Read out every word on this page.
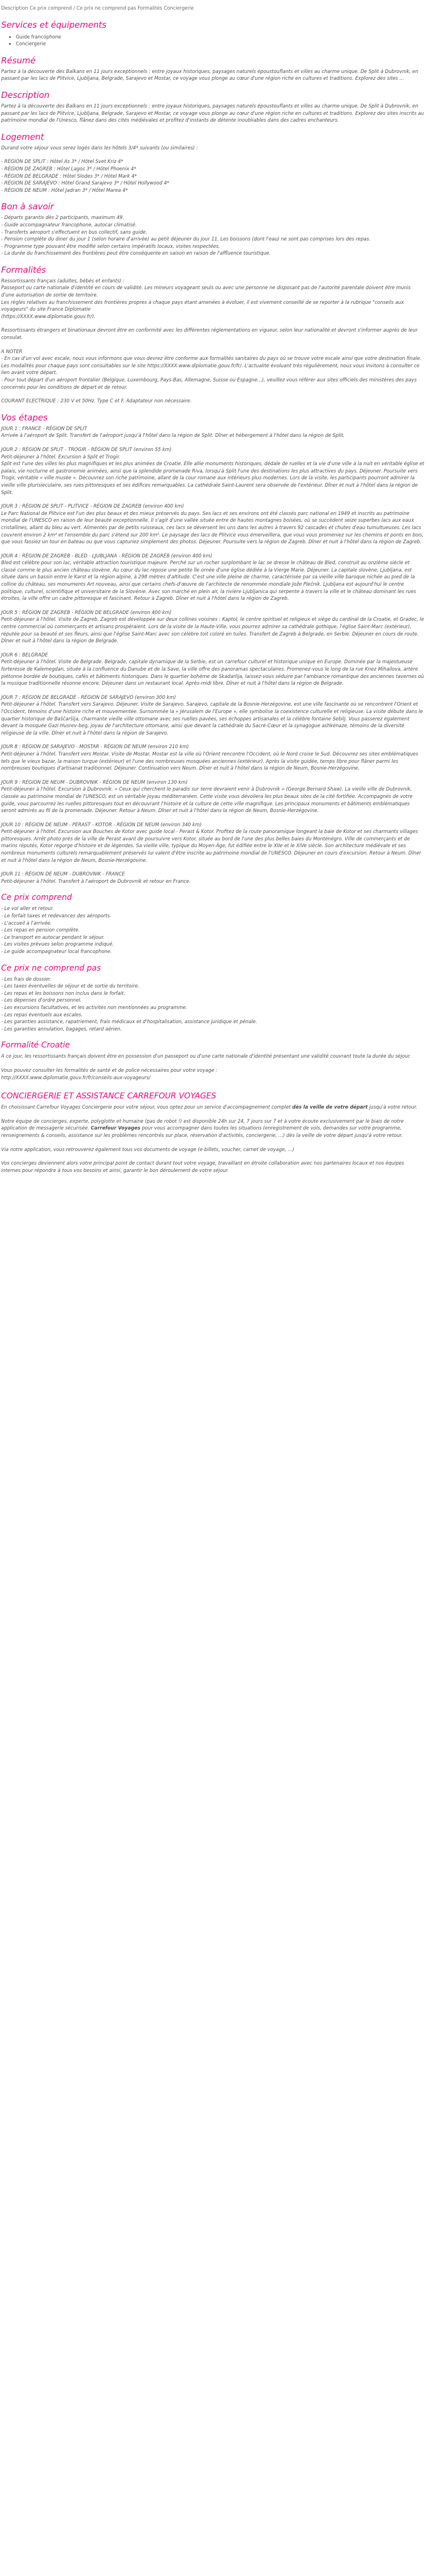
Description Ce prix comprend / Ce prix ne comprend pas Formalités Conciergerie
Services et équipements
• Guide francophone
• Conciergerie
Résumé

Partez à la découverte des Balkans en 11 jours exceptionnels : entre joyaux historiques, paysages naturels époustouflants et villes au charme unique. De Split à Dubrovnik, en passant par les lacs de Plitvice, Ljubljana, Belgrade, Sarajevo et Mostar, ce voyage vous plonge au cœur d'une région riche en cultures et traditions. Explorez des sites ...

Description

Partez à la découverte des Balkans en 11 jours exceptionnels : entre joyaux historiques, paysages naturels époustouflants et villes au charme unique. De Split à Dubrovnik, en passant par les lacs de Plitvice, Ljubljana, Belgrade, Sarajevo et Mostar, ce voyage vous plonge au cœur d'une région riche en cultures et traditions. Explorez des sites inscrits au patrimoine mondial de l'Unesco, flânez dans des cités médiévales et profitez d'instants de détente inoubliables dans des cadres enchanteurs.

Logement

Durand votre séjour vous serez logés dans les hôtels 3/4* suivants (ou similaires) :

- RÉGION DE SPLIT : Hôtel As 3* / Hôtel Svet Kriz 4*
- RÉGION DE ZAGREB : Hôtel Lagos 3* / Hôtel Phoenix 4*
- RÉGION DE BELGRADE : Hôtel Slodes 3* / Hôtel Mark 4*
- RÉGION DE SARAJEVO : Hôtel Grand Sarajevo 3* / Hôtel Hollywood 4*
- RÉGION DE NEUM : Hôtel Jadran 3* / Hôtel Marea 4*

Bon à savoir

- Départs garantis dès 2 participants, maximum 49.
- Guide accompagnateur francophone, autocar climatisé.
- Transferts aéroport s'effectuent en bus collectif, sans guide.
- Pension complète du diner du jour 1 (selon horaire d'arrivée) au petit déjeuner du jour 11. Les boissons (dont l'eau) ne sont pas comprises lors des repas.
- Programme type pouvant être modifié selon certains impératifs locaux, visites respectées.
- La durée du franchissement des frontières peut être conséquente en saison en raison de l'affluence touristique.

Formalités

Ressortissants français (adultes, bébés et enfants) :
Passeport ou carte nationale d'identité en cours de validité. Les mineurs voyageant seuls ou avec une personne ne disposant pas de l'autorité parentale doivent être munis d'une autorisation de sortie de territoire.
Les règles relatives au franchissement des frontières propres à chaque pays étant amenées à évoluer, il est vivement conseillé de se reporter à la rubrique "conseils aux voyageurs" du site France Diplomatie
(https://XXXX.www.diplomatie.gouv.fr/).

Ressortissants étrangers et binationaux devront être en conformité avec les différentes réglementations en vigueur, selon leur nationalité et devront s'informer auprès de leur consulat.

A NOTER
- En cas d'un vol avec escale, nous vous informons que vous devrez être conforme aux formalités sanitaires du pays où se trouve votre escale ainsi que votre destination finale.
Les modalités pour chaque pays sont consultables sur le site https://XXXX.www.diplomatie.gouv.fr/fr/. L'actualité évoluant très régulièrement, nous vous invitons à consulter ce lien avant votre départ.
- Pour tout départ d'un aéroport frontalier (Belgique, Luxembourg, Pays-Bas, Allemagne, Suisse ou Espagne...), veuillez vous référer aux sites officiels des ministères des pays concernés pour les conditions de départ et de retour.

COURANT ELECTRIQUE : 230 V et 50Hz. Type C et F. Adaptateur non nécessaire.

Vos étapes
JOUR 1 : FRANCE - RÉGION DE SPLIT
Arrivée à l'aéroport de Split. Transfert de l'aéroport jusqu'à l'hôtel dans la région de Split. Dîner et hébergement à l'hôtel dans la région de Split.
JOUR 2 : RÉGION DE SPLIT - TROGIR - RÉGION DE SPLIT (environ 55 km)
Petit-déjeuner à l'hôtel. Excursion à Split et Trogir.
Split est l'une des villes les plus magnifiques et les plus animées de Croatie. Elle allie monuments historiques, dédale de ruelles et la vie d'une ville à la nuit en véritable église et palais, vie nocturne et gastronomie animées, ainsi que la splendide promenade Riva, lorsqu'à Split l'une des destinations les plus attractives du pays. Déjeuner. Poursuite vers Trogir, véritable « ville musée ». Découvrez son riche patrimoine, allant de la cour romane aux intérieurs plus modernes. Lors de la visite, les participants pourront admirer la vieille ville plurisieculaire, ses rues pittoresques et ses édifices remarquables. La cathédrale Saint-Laurent sera observée de l'extérieur. Dîner et nuit à l'hôtel dans la région de Split.
JOUR 3 : RÉGION DE SPLIT - PLITVICE - RÉGION DE ZAGREB (environ 400 km)
Le Parc National de Plitvice est l'un des plus beaux et des mieux préservés du pays. Ses lacs et ses environs ont été classés parc national en 1949 et inscrits au patrimoine mondial de l'UNESCO en raison de leur beauté exceptionnelle. Il s'agit d'une vallée située entre de hautes montagnes boisées, où se succèdent seize superbes lacs aux eaux cristallines, allant du bleu au vert. Alimentés par de petits ruisseaux, ces lacs se déversent les uns dans les autres à travers 92 cascades et chutes d'eau tumultueuses. Les lacs couvrent environ 2 km² et l'ensemble du parc s'étend sur 200 km². Le paysage des lacs de Plitvice vous émerveillera, que vous vous promeniez sur les chemins et ponts en bois, que vous fassiez un tour en bateau ou que vous capturiez simplement des photos. Déjeuner. Poursuite vers la région de Zagreb. Dîner et nuit à l'hôtel dans la région de Zagreb.
JOUR 4 : RÉGION DE ZAGREB - BLED - LJUBLJANA - RÉGION DE ZAGREB (environ 400 km)
Bled est célèbre pour son lac, véritable attraction touristique majeure. Perché sur un rocher surplombant le lac se dresse le château de Bled, construit au onzième siècle et classé comme le plus ancien château slovène. Au cœur du lac repose une petite île ornée d'une église dédiée à la Vierge Marie. Déjeuner. La capitale slovène, Ljubljana, est située dans un bassin entre le Karst et la région alpine, à 298 mètres d'altitude. C'est une ville pleine de charme, caractérisée par sa vieille ville baroque nichée au pied de la colline du château, ses monuments Art nouveau, ainsi que certains chefs-d'œuvre de l'architecte de renommée mondiale Jože Plečnik. Ljubljana est aujourd'hui le centre politique, culturel, scientifique et universitaire de la Slovénie. Avec son marché en plein air, la rivière Ljubljanica qui serpente à travers la ville et le château dominant les rues étroites, la ville offre un cadre pittoresque et fascinant. Retour à Zagreb. Dîner et nuit à l'hôtel dans la région de Zagreb.
JOUR 5 : RÉGION DE ZAGREB - RÉGION DE BELGRADE (environ 400 km)
Petit-déjeuner à l'hôtel. Visite de Zagreb. Zagreb est développée sur deux collines voisines : Kaptol, le centre spirituel et religieux et siège du cardinal de la Croatie, et Gradec, le centre commercial où commerçants et artisans prospéraient. Lors de la visite de la Haute-Ville, vous pourrez admirer sa cathédrale gothique, l'église Saint-Marc (extérieur), réputée pour sa beauté et ses fleurs, ainsi que l'église Saint-Marc avec son célèbre toit coloré en tuiles. Transfert de Zagreb à Belgrade, en Serbie. Déjeuner en cours de route. Dîner et nuit à l'hôtel dans la région de Belgrade.
JOUR 6 : BELGRADE
Petit-déjeuner à l'hôtel. Visite de Belgrade. Belgrade, capitale dynamique de la Serbie, est un carrefour culturel et historique unique en Europe. Dominée par la majestueuse forteresse de Kalemegdan, située à la confluence du Danube et de la Save, la ville offre des panoramas spectaculaires. Promenez-vous le long de la rue Knez Mihailova, artère piétonne bordée de boutiques, cafés et bâtiments historiques. Dans le quartier bohème de Skadarlija, laissez-vous séduire par l'ambiance romantique des anciennes tavernes où la musique traditionnelle résonne encore. Déjeuner dans un restaurant local. Après-midi libre. Dîner et nuit à l'hôtel dans la région de Belgrade.
JOUR 7 : RÉGION DE BELGRADE - RÉGION DE SARAJEVO (environ 300 km)
Petit-déjeuner à l'hôtel. Transfert vers Sarajevo. Déjeuner. Visite de Sarajevo. Sarajevo, capitale de la Bosnie-Herzégovine, est une ville fascinante où se rencontrent l'Orient et l'Occident, témoins d'une histoire riche et mouvementée. Surnommée la « Jérusalem de l'Europe », elle symbolise la coexistence culturelle et religieuse. La visite débute dans le quartier historique de Baščaršija, charmante vieille ville ottomane avec ses ruelles pavées, ses échoppes artisanales et la célèbre fontaine Sebilj. Vous passerez également devant la mosquée Gazi Husrev-beg, joyau de l'architecture ottomane, ainsi que devant la cathédrale du Sacré-Cœur et la synagogue ashkénaze, témoins de la diversité religieuse de la ville. Dîner et nuit à l'hôtel dans la région de Sarajevo.
JOUR 8 : RÉGION DE SARAJEVO - MOSTAR - RÉGION DE NEUM (environ 210 km)
Petit-déjeuner à l'hôtel. Transfert vers Mostar. Visite de Mostar. Mostar est la ville où l'Orient rencontre l'Occident, où le Nord croise le Sud. Découvrez ses sites emblématiques tels que le vieux bazar, la maison turque (extérieur) et l'une des nombreuses mosquées anciennes (extérieur). Après la visite guidée, temps libre pour flâner parmi les nombreuses boutiques d'artisanat traditionnel. Déjeuner. Continuation vers Neum. Dîner et nuit à l'hôtel dans la région de Neum, Bosnie-Herzégovine.
JOUR 9 : RÉGION DE NEUM - DUBROVNIK - RÉGION DE NEUM (environ 130 km)
Petit-déjeuner à l'hôtel. Excursion à Dubrovnik. « Ceux qui cherchent le paradis sur terre devraient venir à Dubrovnik » (George Bernard Shaw). La vieille ville de Dubrovnik, classée au patrimoine mondial de l'UNESCO, est un véritable joyau méditerranéen. Cette visite vous dévoilera les plus beaux sites de la cité fortifiée. Accompagnés de votre guide, vous parcourrez les ruelles pittoresques tout en découvrant l'histoire et la culture de cette ville magnifique. Les principaux monuments et bâtiments emblématiques seront admirés au fil de la promenade. Déjeuner. Retour à Neum. Dîner et nuit à l'hôtel dans la région de Neum, Bosnie-Herzégovine.
JOUR 10 : RÉGION DE NEUM - PERAST - KOTOR - RÉGION DE NEUM (environ 340 km)
Petit-déjeuner à l'hôtel. Excursion aux Bouches de Kotor avec guide local - Perast & Kotor. Profitez de la route panoramique longeant la baie de Kotor et ses charmants villages pittoresques. Arrêt photo près de la ville de Perast avant de poursuivre vers Kotor, située au bord de l'une des plus belles baies du Monténégro. Ville de commerçants et de marins réputés, Kotor regorge d'histoire et de légendes. Sa vieille ville, typique du Moyen-Âge, fut édifiée entre le XIIe et le XIVe siècle. Son architecture médiévale et ses nombreux monuments culturels remarquablement préservés lui valent d'être inscrite au patrimoine mondial de l'UNESCO. Déjeuner en cours d'excursion. Retour à Neum. Dîner et nuit à l'hôtel dans la région de Neum, Bosnie-Herzégovine.
JOUR 11 : RÉGION DE NEUM - DUBROVNIK - FRANCE
Petit-déjeuner à l'hôtel. Transfert à l'aéroport de Dubrovnik et retour en France.
Ce prix comprend
- Le vol aller et retour.
- Le forfait taxes et redevances des aéroports.
- L'accueil à l'arrivée.
- Les repas en pension complète.
- Le transport en autocar pendant le séjour.
- Les visites prévues selon programme indiqué.
- Le guide accompagnateur local francophone.
Ce prix ne comprend pas
- Les frais de dossier.
- Les taxes éventuelles de séjour et de sortie du territoire.
- Les repas et les boissons non inclus dans le forfait.
- Les dépenses d'ordre personnel.
- Les excursions facultatives, et les activités non mentionnées au programme.
- Les repas éventuels aux escales.
- Les garanties assistance, rapatriement, frais médicaux et d'hospitalisation, assistance juridique et pénale.
- Les garanties annulation, bagages, retard aérien.
Formalité Croatie

A ce jour, les ressortissants français doivent être en possession d'un passeport ou d'une carte nationale d'identité présentant une validité couvrant toute la durée du séjour.

Vous pouvez consulter les formalités de santé et de police nécessaires pour votre voyage :
http://XXXX.www.diplomatie.gouv.fr/fr/conseils-aux-voyageurs/

CONCIERGERIE ET ASSISTANCE CARREFOUR VOYAGES

En choisissant Carrefour Voyages Conciergerie pour votre séjour, vous optez pour un service d'accompagnement complet dès la veille de votre départ jusqu'à votre retour.

Notre équipe de concierges, experte, polyglotte et humaine (pas de robot !) est disponible 24h sur 24, 7 jours sur 7 et à votre écoute exclusivement par le biais de notre application de messagerie sécurisée. Carrefour Voyages pour vous accompagner dans toutes les situations (enregistrement de vols, demandes sur votre programme, renseignements & conseils, assistance sur les problèmes rencontrés sur place, réservation d'activités, conciergerie, ...) dès la veille de votre départ jusqu'à votre retour.

Via notre application, vous retrouverez également tous vos documents de voyage (e-billets, voucher, carnet de voyage, ...)

Vos concierges deviennent alors votre principal point de contact durant tout votre voyage, travaillant en étroite collaboration avec nos partenaires locaux et nos équipes internes pour répondre à tous vos besoins et ainsi, garantir le bon déroulement de votre séjour.
